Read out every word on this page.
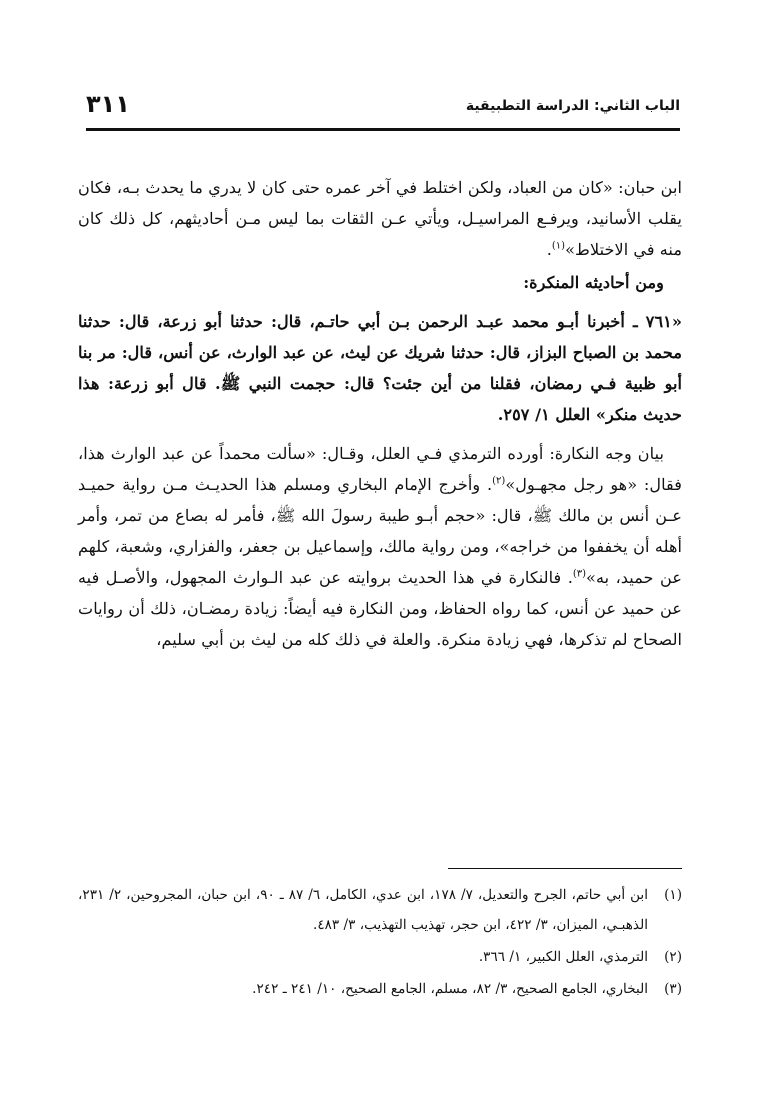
الباب الثاني: الدراسة التطبيقية
٣١١

ابن حبان: «كان من العباد، ولكن اختلط في آخر عمره حتى كان لا يدري ما يحدث بـه، فكان يقلب الأسانيد، ويرفـع المراسيـل، ويأتي عـن الثقات بما ليس مـن أحاديثهم، كل ذلك كان منه في الاختلاط»$^{(١)}$.

ومن أحاديثه المنكرة:

«٧٦١ ـ أخبرنا أبـو محمد عبـد الرحمن بـن أبي حاتـم، قال: حدثنا أبو زرعة، قال: حدثنا محمد بن الصباح البزاز، قال: حدثنا شريك عن ليث، عن عبد الوارث، عن أنس، قال: مر بنا أبو ظبية فـي رمضان، فقلنا من أين جئت؟ قال: حجمت النبي ﷺ. قال أبو زرعة: هذا حديث منكر» العلل ١/ ٢٥٧.

بيان وجه النكارة: أورده الترمذي فـي العلل، وقـال: «سألت محمداً عن عبد الوارث هذا، فقال: «هو رجل مجهـول»$^{(٢)}$. وأخرج الإمام البخاري ومسلم هذا الحديـث مـن رواية حميـد عـن أنس بن مالك ﷺ، قال: «حجم أبـو طيبة رسولَ الله ﷺ، فأمر له بصاع من تمر، وأمر أهله أن يخففوا من خراجه»، ومن رواية مالك، وإسماعيل بن جعفر، والفزاري، وشعبة، كلهم عن حميد، به»$^{(٣)}$. فالنكارة في هذا الحديث بروايته عن عبد الـوارث المجهول، والأصـل فيه عن حميد عن أنس، كما رواه الحفاظ، ومن النكارة فيه أيضاً: زيادة رمضـان، ذلك أن روايات الصحاح لم تذكرها، فهي زيادة منكرة. والعلة في ذلك كله من ليث بن أبي سليم،

(١)
ابن أبي حاتم، الجرح والتعديل، ٧/ ١٧٨، ابن عدي، الكامل، ٦/ ٨٧ ـ ٩٠، ابن حبان، المجروحين، ٢/ ٢٣١، الذهبـي، الميزان، ٣/ ٤٢٢، ابن حجر، تهذيب التهذيب، ٣/ ٤٨٣.
(٢)
الترمذي، العلل الكبير، ١/ ٣٦٦.
(٣)
البخاري، الجامع الصحيح، ٣/ ٨٢، مسلم، الجامع الصحيح، ١٠/ ٢٤١ ـ ٢٤٢.
